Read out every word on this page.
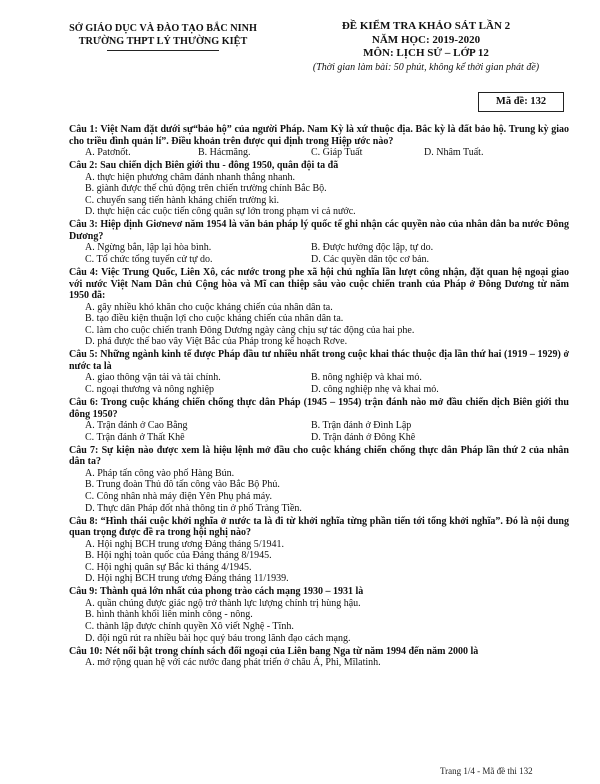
SỞ GIÁO DỤC VÀ ĐÀO TẠO BẮC NINH
TRƯỜNG THPT LÝ THƯỜNG KIỆT
ĐỀ KIỂM TRA KHẢO SÁT LẦN 2
NĂM HỌC: 2019-2020
MÔN: LỊCH SỬ – LỚP 12
(Thời gian làm bài: 50 phút, không kể thời gian phát đề)
Mã đề: 132
Câu 1: Việt Nam đặt dưới sự“bảo hộ” của người Pháp. Nam Kỳ là xứ thuộc địa. Bắc kỳ là đất bảo hộ. Trung kỳ giao cho triều đình quản lí”. Điều khoản trên được qui định trong Hiệp ước nào?
A. Patơnốt.	B. Hácmăng.	C. Giáp Tuất	D. Nhâm Tuất.
Câu 2: Sau chiến dịch Biên giới thu - đông 1950, quân đội ta đã
A. thực hiện phương châm đánh nhanh thắng nhanh.
B. giành được thế chủ động trên chiến trường chính Bắc Bộ.
C. chuyển sang tiến hành kháng chiến trường kì.
D. thực hiện các cuộc tiến công quân sự lớn trong phạm vi cả nước.
Câu 3: Hiệp định Giơnevơ năm 1954 là văn bản pháp lý quốc tế ghi nhận các quyền nào của nhân dân ba nước Đông Dương?
A. Ngừng bắn, lập lại hòa bình.	B. Được hưởng độc lập, tự do.
C. Tổ chức tổng tuyển cử tự do.	D. Các quyền dân tộc cơ bản.
Câu 4: Việc Trung Quốc, Liên Xô, các nước trong phe xã hội chủ nghĩa lần lượt công nhận, đặt quan hệ ngoại giao với nước Việt Nam Dân chủ Cộng hòa và Mĩ can thiệp sâu vào cuộc chiến tranh của Pháp ở Đông Dương từ năm 1950 đã:
A. gây nhiều khó khăn cho cuộc kháng chiến của nhân dân ta.
B. tạo điều kiện thuận lợi cho cuộc kháng chiến của nhân dân ta.
C. làm cho cuộc chiến tranh Đông Dương ngày càng chịu sự tác động của hai phe.
D. phá được thế bao vây Việt Bắc của Pháp trong kế hoạch Rơve.
Câu 5: Những ngành kinh tế được Pháp đầu tư nhiều nhất trong cuộc khai thác thuộc địa lần thứ hai (1919 – 1929) ở nước ta là
A. giao thông vận tải và tài chính.	B. nông nghiệp và khai mỏ.
C. ngoại thương và nông nghiệp	D. công nghiệp nhẹ và khai mỏ.
Câu 6: Trong cuộc kháng chiến chống thực dân Pháp (1945 – 1954) trận đánh nào mở đầu chiến dịch Biên giới thu đông 1950?
A. Trận đánh ở Cao Bằng	B. Trận đánh ở Đình Lập
C. Trận đánh ở Thất Khê	D. Trận đánh ở Đông Khê
Câu 7: Sự kiện nào được xem là hiệu lệnh mở đầu cho cuộc kháng chiến chống thực dân Pháp lần thứ 2 của nhân dân ta?
A. Pháp tấn công vào phố Hàng Bún.
B. Trung đoàn Thủ đô tấn công vào Bắc Bộ Phủ.
C. Công nhân nhà máy điện Yên Phụ phá máy.
D. Thực dân Pháp đốt nhà thông tin ở phố Tràng Tiền.
Câu 8: “Hình thái cuộc khởi nghĩa ở nước ta là đi từ khởi nghĩa từng phần tiến tới tổng khởi nghĩa”. Đó là nội dung quan trọng được đề ra trong hội nghị nào?
A. Hội nghị BCH trung ương Đảng tháng 5/1941.
B. Hội nghị toàn quốc của Đảng tháng 8/1945.
C. Hội nghị quân sự Bắc kì tháng 4/1945.
D. Hội nghị BCH trung ương Đảng tháng 11/1939.
Câu 9: Thành quả lớn nhất của phong trào cách mạng 1930 – 1931 là
A. quần chúng được giác ngộ trở thành lực lượng chính trị hùng hậu.
B. hình thành khối liên minh công - nông.
C. thành lập được chính quyền Xô viết Nghệ - Tĩnh.
D. đội ngũ rút ra nhiều bài học quý báu trong lãnh đạo cách mạng.
Câu 10: Nét nổi bật trong chính sách đối ngoại của Liên bang Nga từ năm 1994 đến năm 2000 là
A. mở rộng quan hệ với các nước đang phát triển ở châu Á, Phi, Mĩlatinh.
Trang 1/4 - Mã đề thi 132
